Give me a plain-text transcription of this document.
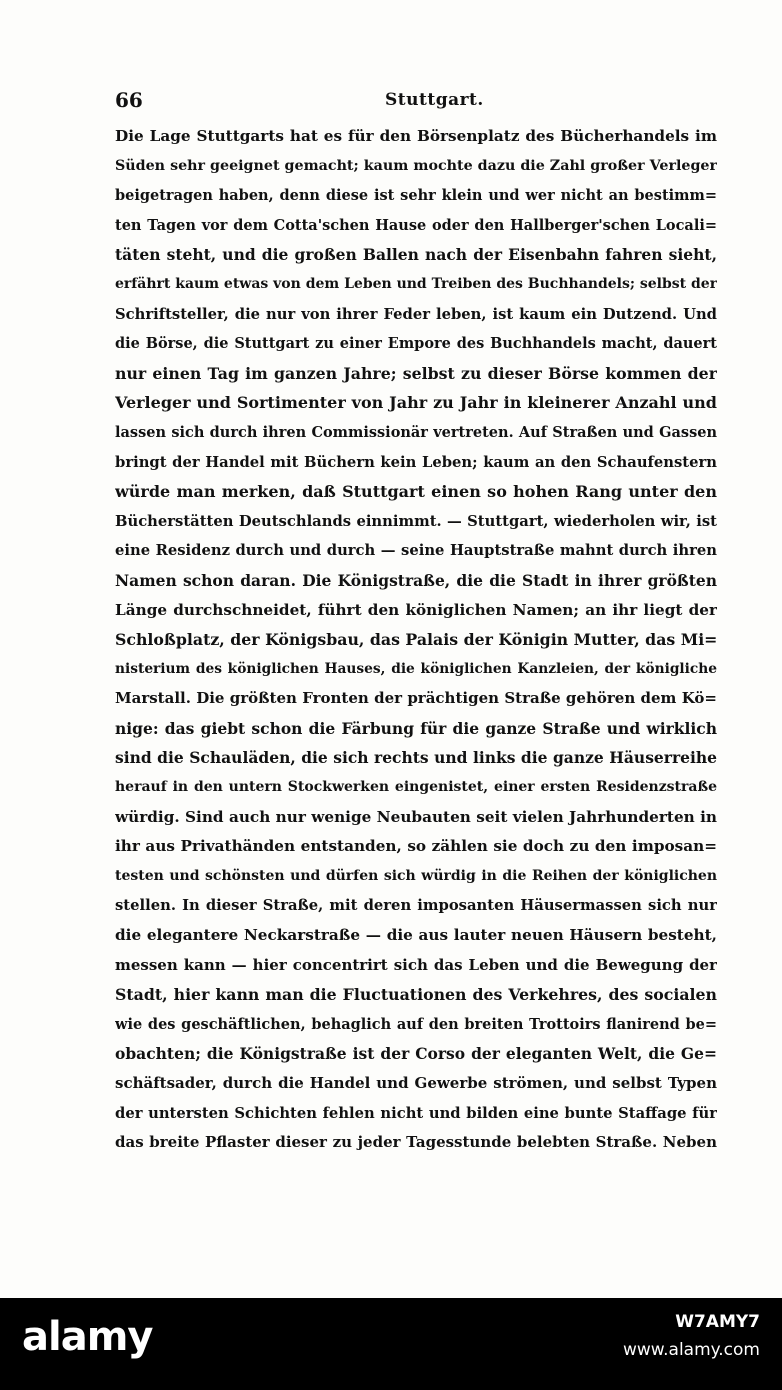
66	Stuttgart.
Die Lage Stuttgarts hat es für den Börsenplatz des Bücherhandels im
Süden sehr geeignet gemacht; kaum mochte dazu die Zahl großer Verleger
beigetragen haben, denn diese ist sehr klein und wer nicht an bestimm=
ten Tagen vor dem Cotta'schen Hause oder den Hallberger'schen Locali=
täten steht, und die großen Ballen nach der Eisenbahn fahren sieht,
erfährt kaum etwas von dem Leben und Treiben des Buchhandels; selbst der
Schriftsteller, die nur von ihrer Feder leben, ist kaum ein Dutzend. Und
die Börse, die Stuttgart zu einer Empore des Buchhandels macht, dauert
nur einen Tag im ganzen Jahre; selbst zu dieser Börse kommen der
Verleger und Sortimenter von Jahr zu Jahr in kleinerer Anzahl und
lassen sich durch ihren Commissionär vertreten. Auf Straßen und Gassen
bringt der Handel mit Büchern kein Leben; kaum an den Schaufenstern
würde man merken, daß Stuttgart einen so hohen Rang unter den
Bücherstätten Deutschlands einnimmt. — Stuttgart, wiederholen wir, ist
eine Residenz durch und durch — seine Hauptstraße mahnt durch ihren
Namen schon daran. Die Königstraße, die die Stadt in ihrer größten
Länge durchschneidet, führt den königlichen Namen; an ihr liegt der
Schloßplatz, der Königsbau, das Palais der Königin Mutter, das Mi=
nisterium des königlichen Hauses, die königlichen Kanzleien, der königliche
Marstall. Die größten Fronten der prächtigen Straße gehören dem Kö=
nige: das giebt schon die Färbung für die ganze Straße und wirklich
sind die Schauläden, die sich rechts und links die ganze Häuserreihe
herauf in den untern Stockwerken eingenistet, einer ersten Residenzstraße
würdig. Sind auch nur wenige Neubauten seit vielen Jahrhunderten in
ihr aus Privathänden entstanden, so zählen sie doch zu den imposan=
testen und schönsten und dürfen sich würdig in die Reihen der königlichen
stellen. In dieser Straße, mit deren imposanten Häusermassen sich nur
die elegantere Neckarstraße — die aus lauter neuen Häusern besteht,
messen kann — hier concentrirt sich das Leben und die Bewegung der
Stadt, hier kann man die Fluctuationen des Verkehres, des socialen
wie des geschäftlichen, behaglich auf den breiten Trottoirs flanirend be=
obachten; die Königstraße ist der Corso der eleganten Welt, die Ge=
schäftsader, durch die Handel und Gewerbe strömen, und selbst Typen
der untersten Schichten fehlen nicht und bilden eine bunte Staffage für
das breite Pflaster dieser zu jeder Tagesstunde belebten Straße. Neben
alamy	W7AMY7
www.alamy.com
